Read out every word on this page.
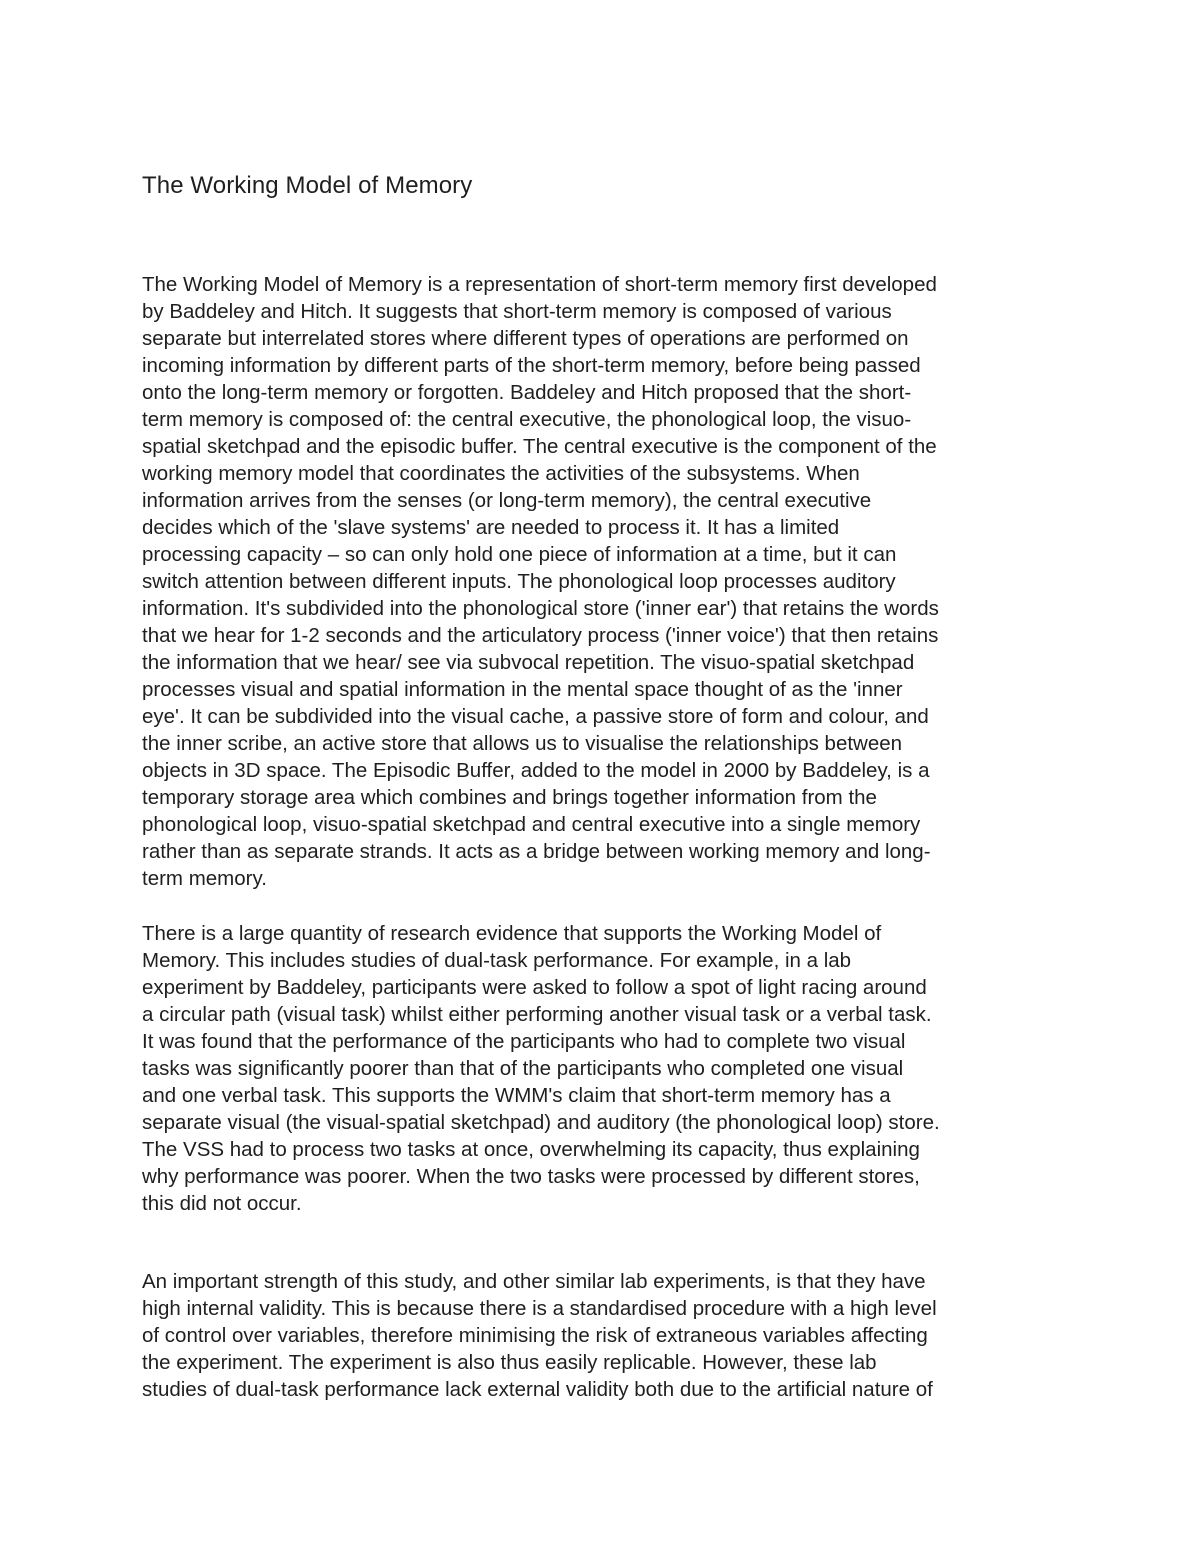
The Working Model of Memory
The Working Model of Memory is a representation of short-term memory first developed
by Baddeley and Hitch. It suggests that short-term memory is composed of various
separate but interrelated stores where different types of operations are performed on
incoming information by different parts of the short-term memory, before being passed
onto the long-term memory or forgotten. Baddeley and Hitch proposed that the short-
term memory is composed of: the central executive, the phonological loop, the visuo-
spatial sketchpad and the episodic buffer. The central executive is the component of the
working memory model that coordinates the activities of the subsystems. When
information arrives from the senses (or long-term memory), the central executive
decides which of the 'slave systems' are needed to process it. It has a limited
processing capacity – so can only hold one piece of information at a time, but it can
switch attention between different inputs. The phonological loop processes auditory
information. It's subdivided into the phonological store ('inner ear') that retains the words
that we hear for 1-2 seconds and the articulatory process ('inner voice') that then retains
the information that we hear/ see via subvocal repetition. The visuo-spatial sketchpad
processes visual and spatial information in the mental space thought of as the 'inner
eye'. It can be subdivided into the visual cache, a passive store of form and colour, and
the inner scribe, an active store that allows us to visualise the relationships between
objects in 3D space. The Episodic Buffer, added to the model in 2000 by Baddeley, is a
temporary storage area which combines and brings together information from the
phonological loop, visuo-spatial sketchpad and central executive into a single memory
rather than as separate strands. It acts as a bridge between working memory and long-
term memory.
There is a large quantity of research evidence that supports the Working Model of
Memory. This includes studies of dual-task performance. For example, in a lab
experiment by Baddeley, participants were asked to follow a spot of light racing around
a circular path (visual task) whilst either performing another visual task or a verbal task.
It was found that the performance of the participants who had to complete two visual
tasks was significantly poorer than that of the participants who completed one visual
and one verbal task. This supports the WMM's claim that short-term memory has a
separate visual (the visual-spatial sketchpad) and auditory (the phonological loop) store.
The VSS had to process two tasks at once, overwhelming its capacity, thus explaining
why performance was poorer. When the two tasks were processed by different stores,
this did not occur.
An important strength of this study, and other similar lab experiments, is that they have
high internal validity. This is because there is a standardised procedure with a high level
of control over variables, therefore minimising the risk of extraneous variables affecting
the experiment. The experiment is also thus easily replicable. However, these lab
studies of dual-task performance lack external validity both due to the artificial nature of
